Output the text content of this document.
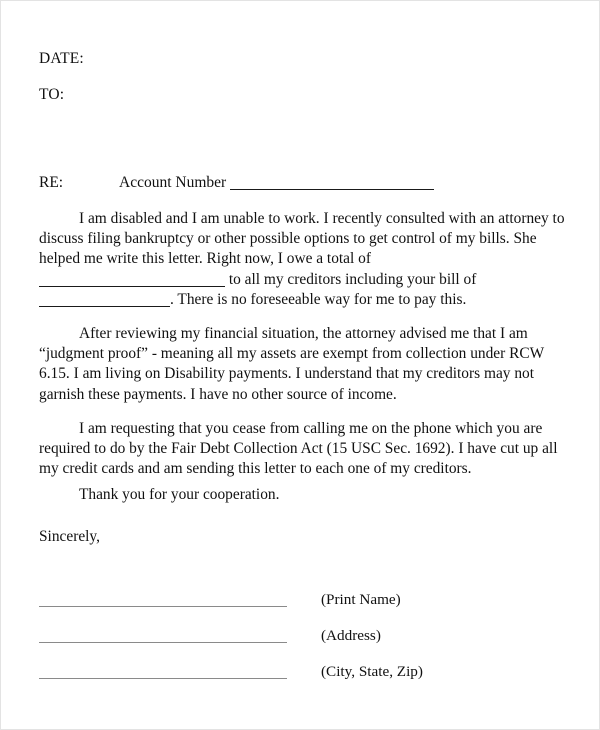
DATE:
TO:
RE:	Account Number

I am disabled and I am unable to work. I recently consulted with an attorney to discuss filing bankruptcy or other possible options to get control of my bills. She helped me write this letter. Right now, I owe a total of
to all my creditors including your bill of
. There is no foreseeable way for me to pay this.

After reviewing my financial situation, the attorney advised me that I am “judgment proof” - meaning all my assets are exempt from collection under RCW 6.15. I am living on Disability payments. I understand that my creditors may not garnish these payments. I have no other source of income.

I am requesting that you cease from calling me on the phone which you are required to do by the Fair Debt Collection Act (15 USC Sec. 1692). I have cut up all my credit cards and am sending this letter to each one of my creditors.

Thank you for your cooperation.

Sincerely,

(Print Name)
(Address)
(City, State, Zip)
